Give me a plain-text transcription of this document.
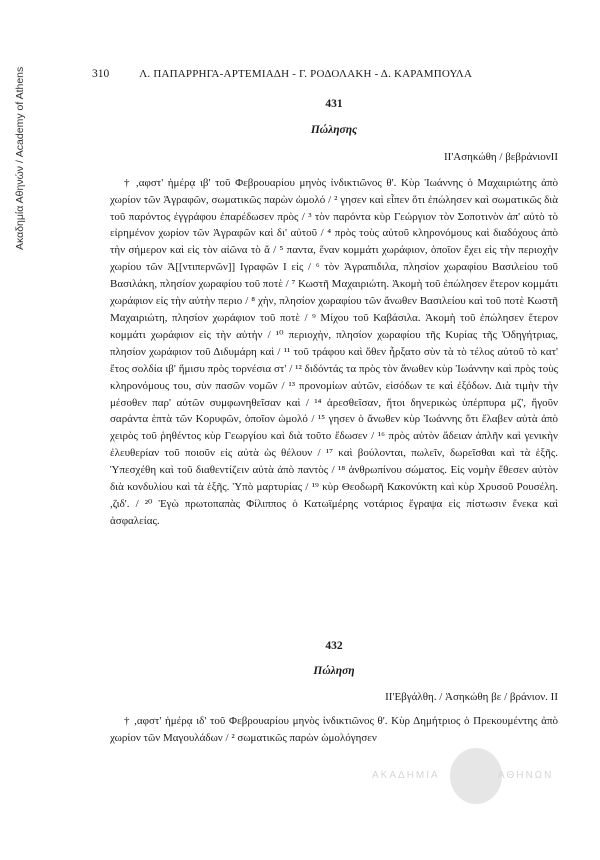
Ακαδημία Αθηνών / Academy of Athens	310	Λ. ΠΑΠΑΡΡΗΓΑ-ΑΡΤΕΜΙΑΔΗ - Γ. ΡΟΔΟΛΑΚΗ - Δ. ΚΑΡΑΜΠΟΥΛΑ
431
Πώλησης
ΙΙ'Ασηκώθη / βεβράνιονΙΙ

† ,αφστ' ἡμέρᾳ ιβ' τοῦ Φεβρουαρίου μηνὸς ἰνδικτιῶνος θ'. Κὺρ Ἰωάννης ὁ Μαχαιριώτης ἀπὸ χωρίον τῶν Ἀγραφῶν, σωματικῶς παρὼν ὡμολό / ² γησεν καὶ εἶπεν ὅτι ἐπώλησεν καὶ σωματικῶς διὰ τοῦ παρόντος ἐγγράφου ἐπαρέδωσεν πρὸς / ³ τὸν παρόντα κὺρ Γεώργιον τὸν Σοποτινὸν ἀπ' αὐτὸ τὸ εἰρημένον χωρίον τῶν Ἀγραφῶν καὶ δι' αὐτοῦ / ⁴ πρὸς τοὺς αὐτοῦ κληρονόμους καὶ διαδόχους ἀπὸ τὴν σήμερον καὶ εἰς τὸν αἰῶνα τὸ ἄ / ⁵ παντα, ἕναν κομμάτι χωράφιον, ὁποῖον ἔχει εἰς τὴν περιοχὴν χωρίου τῶν Ἀ[[ντιπερνῶν]] Ιγραφῶν Ι εἰς / ⁶ τὸν Ἀγραπιδιλα, πλησίον χωραφίου Βασιλείου τοῦ Βασιλάκη, πλησίον χωραφίου τοῦ ποτὲ / ⁷ Κωστῆ Μαχαιριώτη. Ἀκομὴ τοῦ ἐπώλησεν ἕτερον κομμάτι χωράφιον εἰς τὴν αὐτὴν περιο / ⁸ χὴν, πλησίον χωραφίου τῶν ἄνωθεν Βασιλείου καὶ τοῦ ποτὲ Κωστῆ Μαχαιριώτη, πλησίον χωράφιον τοῦ ποτὲ / ⁹ Μίχου τοῦ Καβάσιλα. Ἀκομὴ τοῦ ἐπώλησεν ἕτερον κομμάτι χωράφιον εἰς τὴν αὐτὴν / ¹⁰ περιοχὴν, πλησίον χωραφίου τῆς Κυρίας τῆς Ὁδηγήτριας, πλησίον χωράφιον τοῦ Διδυμάρη καὶ / ¹¹ τοῦ τράφου καὶ ὅθεν ἦρξατο σὺν τὰ τὸ τέλος αὐτοῦ τὸ κατ' ἔτος σολδία ιβ' ἥμισυ πρὸς τορνέσια στ' / ¹² διδόντάς τα πρὸς τὸν ἄνωθεν κὺρ Ἰωάννην καὶ πρὸς τοὺς κληρονόμους του, σὺν πασῶν νομῶν / ¹³ προνομίων αὐτῶν, εἰσόδων τε καὶ ἐξόδων. Διὰ τιμὴν τὴν μέσοθεν παρ' αὐτῶν συμφωνηθεῖσαν καὶ / ¹⁴ ἀρεσθεῖσαν, ἤτοι δηνερικὼς ὑπέρπυρα μζ', ἤγοῦν σαράντα ἑπτὰ τῶν Κορυφῶν, ὁποῖον ὡμολό / ¹⁵ γησεν ὁ ἄνωθεν κὺρ Ἰωάννης ὅτι ἔλαβεν αὐτὰ ἀπὸ χειρὸς τοῦ ῥηθέντος κὺρ Γεωργίου καὶ διὰ τοῦτο ἔδωσεν / ¹⁶ πρὸς αὐτὸν ἄδειαν ἁπλῆν καὶ γενικὴν ἐλευθερίαν τοῦ ποιοῦν εἰς αὐτὰ ὡς θέλουν / ¹⁷ καὶ βούλονται, πωλεῖν, δωρεῖσθαι καὶ τὰ ἑξῆς. Ὑπεσχέθη καὶ τοῦ διαθεντίζειν αὐτὰ ἀπὸ παντὸς / ¹⁸ ἀνθρωπίνου σώματος. Εἰς νομὴν ἔθεσεν αὐτὸν διὰ κονδυλίου καὶ τὰ ἑξῆς. Ὑπὸ μαρτυρίας / ¹⁹ κὺρ Θεοδωρῆ Κακονύκτη καὶ κὺρ Χρυσοῦ Ρουσέλη. ,ζιδ'. / ²⁰ Ἐγὼ πρωτοπαπὰς Φίλιππος ὁ Κατωϊμέρης νοτάριος ἔγραψα εἰς πίστωσιν ἕνεκα καὶ ἀσφαλείας.

432
Πώληση
ΙΙ'Εβγάλθη. / Ἀσηκώθη βε / βράνιον. ΙΙ

† ,αφστ' ἡμέρᾳ ιδ' τοῦ Φεβρουαρίου μηνὸς ἰνδικτιῶνος θ'. Κὺρ Δημήτριος ὁ Πρεκουμέντης ἀπὸ χωρίον τῶν Μαγουλάδων / ² σωματικῶς παρὼν ὡμολόγησεν

ΑΚΑΔΗΜΙΑ	ΑΘΗΝΩΝ
